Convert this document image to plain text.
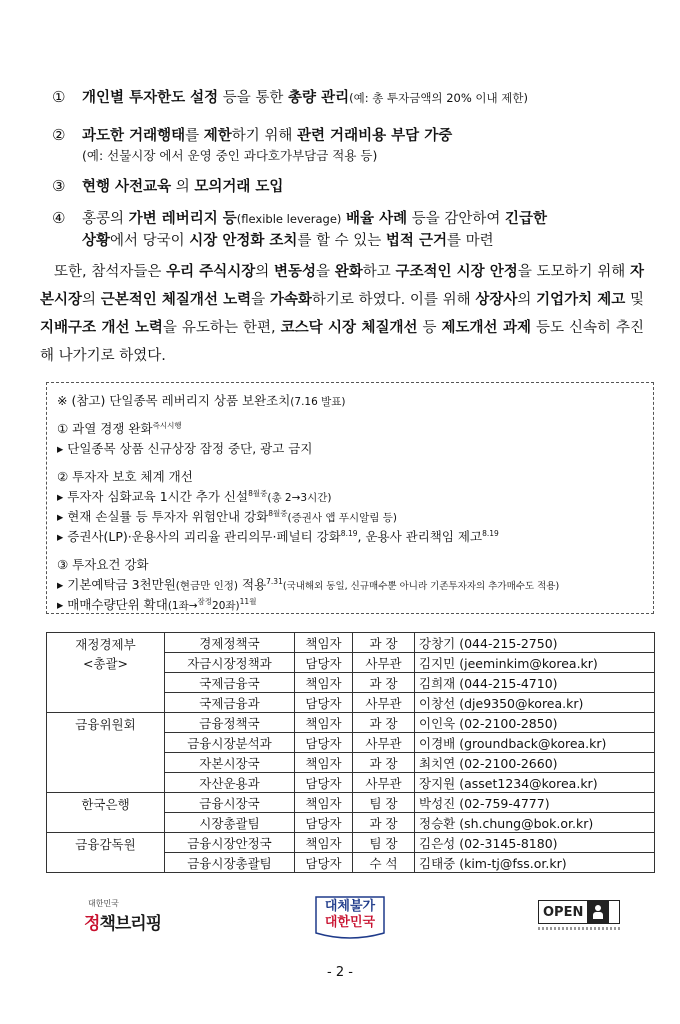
① 개인별 투자한도 설정 등을 통한 총량 관리(예: 총 투자금액의 20% 이내 제한)
② 과도한 거래행태를 제한하기 위해 관련 거래비용 부담 가중
(예: 선물시장 에서 운영 중인 과다호가부담금 적용 등)
③ 현행 사전교육 의 모의거래 도입
④ 홍콩의 가변 레버리지 등(flexible leverage) 배율 사례 등을 감안하여 긴급한
상황에서 당국이 시장 안정화 조치를 할 수 있는 법적 근거를 마련
또한, 참석자들은 우리 주식시장의 변동성을 완화하고 구조적인 시장 안정을 도모하기 위해 자본시장의 근본적인 체질개선 노력을 가속화하기로 하였다. 이를 위해 상장사의 기업가치 제고 및 지배구조 개선 노력을 유도하는 한편, 코스닥 시장 체질개선 등 제도개선 과제 등도 신속히 추진해 나가기로 하였다.
※ (참고) 단일종목 레버리지 상품 보완조치(7.16 발표)
① 과열 경쟁 완화$^{즉시시행}$
▸ 단일종목 상품 신규상장 잠정 중단, 광고 금지
② 투자자 보호 체계 개선
▸ 투자자 심화교육 1시간 추가 신설$^{8월중}$(총 2→3시간)
▸ 현재 손실률 등 투자자 위험안내 강화$^{8월중}$(증권사 앱 푸시알림 등)
▸ 증권사(LP)·운용사의 괴리율 관리의무·페널티 강화$^{8.19}$, 운용사 관리책임 제고$^{8.19}$
③ 투자요건 강화
▸ 기본예탁금 3천만원(현금만 인정) 적용$^{7.31}$(국내해외 동일, 신규매수뿐 아니라 기존투자자의 추가매수도 적용)
▸ 매매수량단위 확대(1좌→$^{잠정}$20좌)$^{11월}$
재정경제부
<총괄>	경제정책국	책임자	과 장	강창기 (044-215-2750)
	자금시장정책과	담당자	사무관	김지민 (jeeminkim@korea.kr)
	국제금융국	책임자	과 장	김희재 (044-215-4710)
	국제금융과	담당자	사무관	이창선 (dje9350@korea.kr)
금융위원회	금융정책국	책임자	과 장	이인욱 (02-2100-2850)
	금융시장분석과	담당자	사무관	이경배 (groundback@korea.kr)
	자본시장국	책임자	과 장	최치연 (02-2100-2660)
	자산운용과	담당자	사무관	장지원 (asset1234@korea.kr)
한국은행	금융시장국	책임자	팀 장	박성진 (02-759-4777)
	시장총괄팀	담당자	과 장	정승환 (sh.chung@bok.or.kr)
금융감독원	금융시장안정국	책임자	팀 장	김은성 (02-3145-8180)
	금융시장총괄팀	담당자	수 석	김태중 (kim-tj@fss.or.kr)
대한민국
정책브리핑
대체불가
대한민국
OPEN
- 2 -
